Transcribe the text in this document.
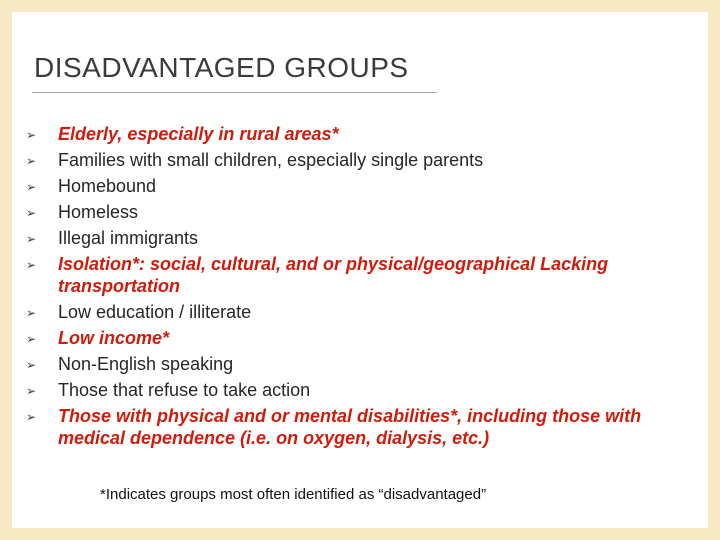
DISADVANTAGED GROUPS
➢ Elderly, especially in rural areas*
➢ Families with small children, especially single parents
➢ Homebound
➢ Homeless
➢ Illegal immigrants
➢ Isolation*: social, cultural, and or physical/geographical Lacking transportation
➢ Low education / illiterate
➢ Low income*
➢ Non-English speaking
➢ Those that refuse to take action
➢ Those with physical and or mental disabilities*, including those with medical dependence (i.e. on oxygen, dialysis, etc.)
*Indicates groups most often identified as “disadvantaged”
